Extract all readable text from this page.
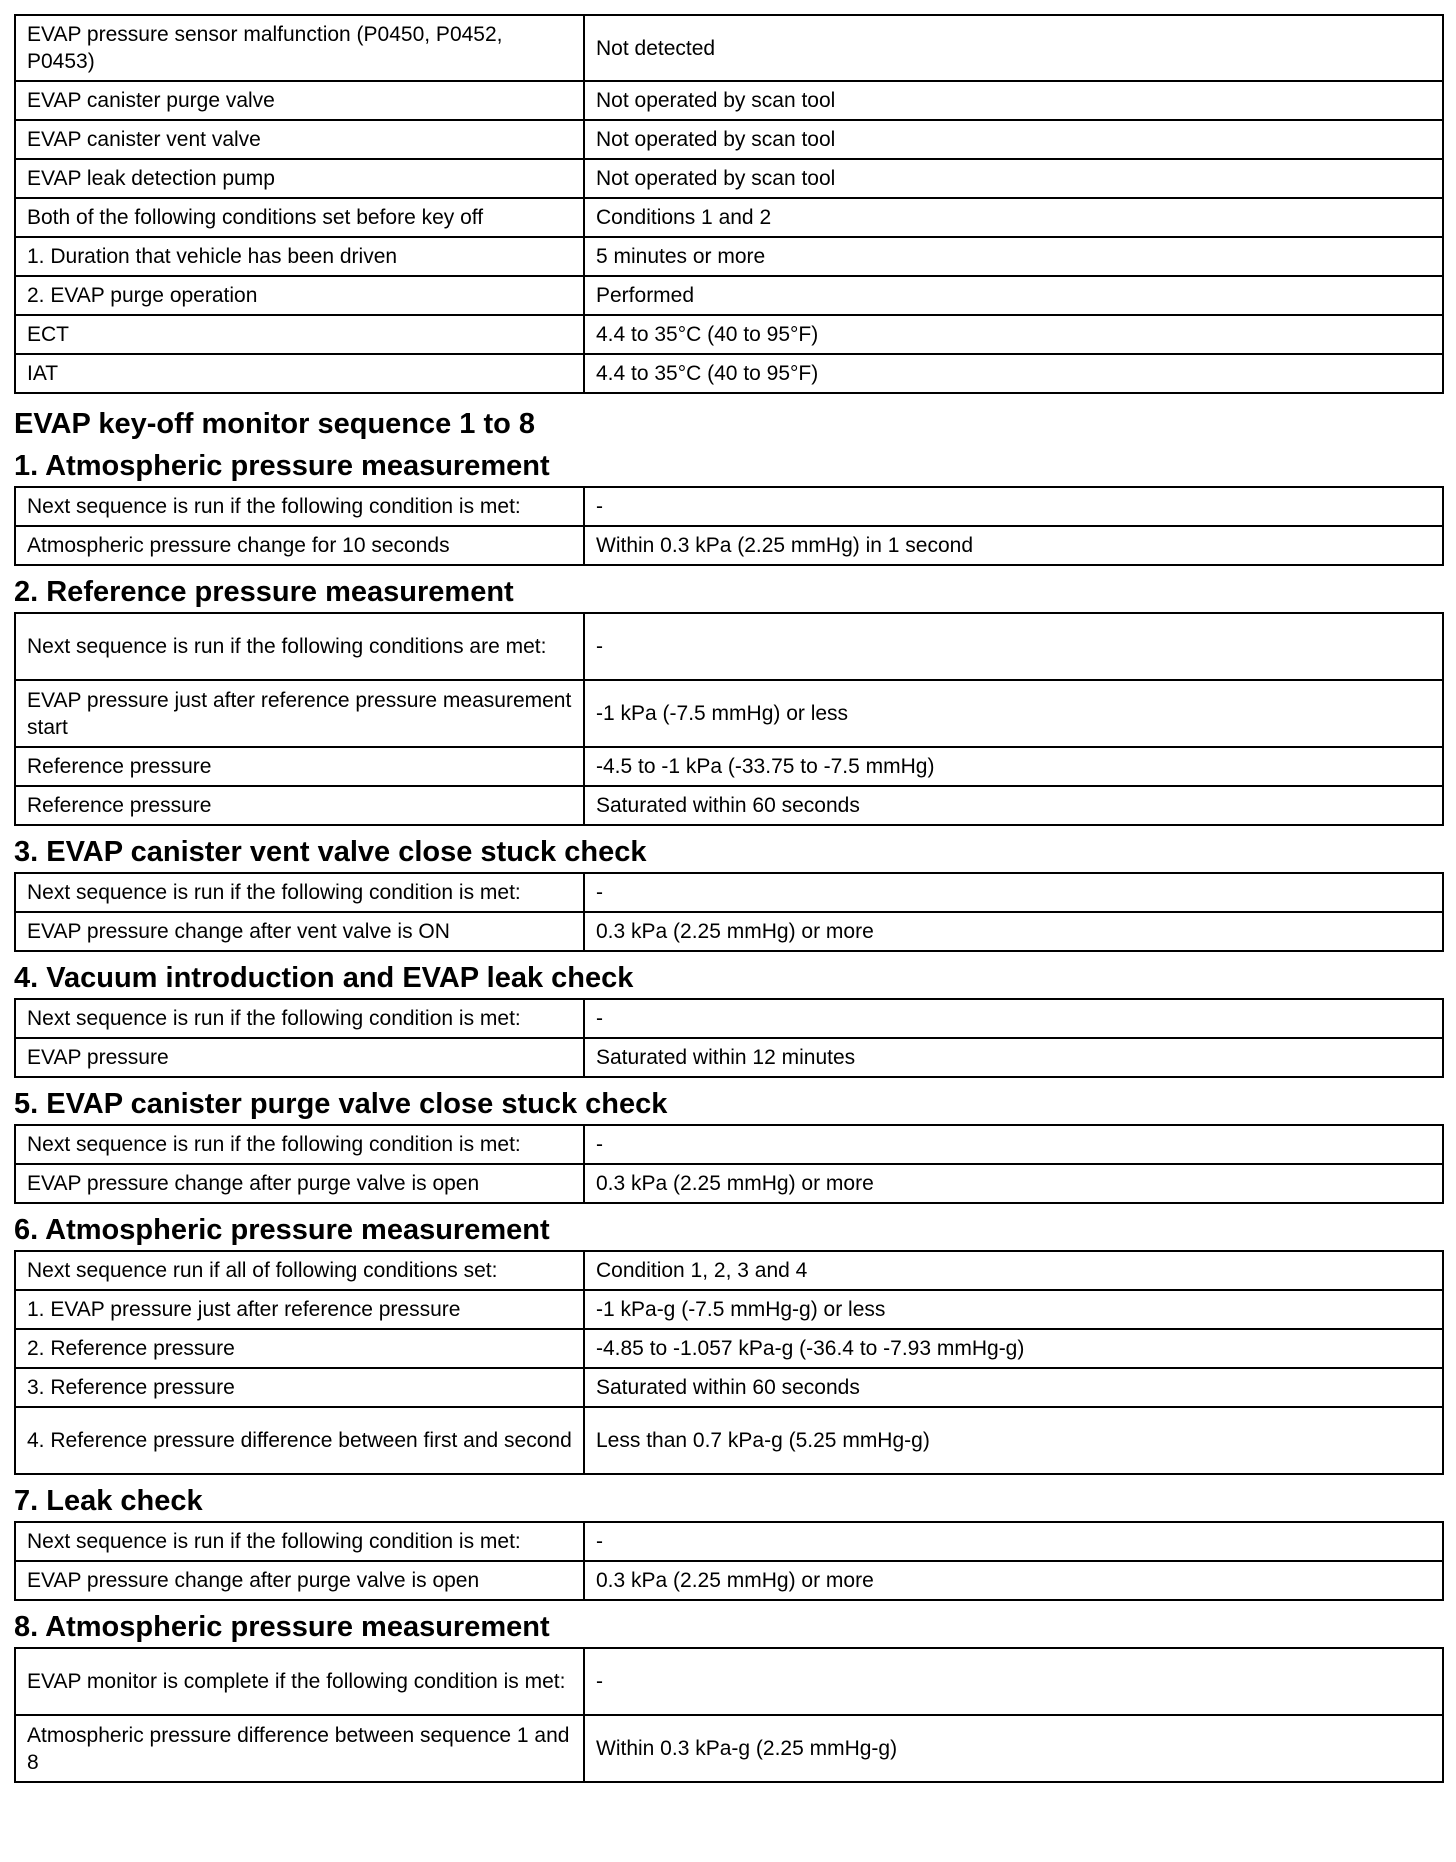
EVAP pressure sensor malfunction (P0450, P0452, P0453)	Not detected
EVAP canister purge valve	Not operated by scan tool
EVAP canister vent valve	Not operated by scan tool
EVAP leak detection pump	Not operated by scan tool
Both of the following conditions set before key off	Conditions 1 and 2
1. Duration that vehicle has been driven	5 minutes or more
2. EVAP purge operation	Performed
ECT	4.4 to 35°C (40 to 95°F)
IAT	4.4 to 35°C (40 to 95°F)
EVAP key-off monitor sequence 1 to 8
1. Atmospheric pressure measurement
Next sequence is run if the following condition is met:	-
Atmospheric pressure change for 10 seconds	Within 0.3 kPa (2.25 mmHg) in 1 second
2. Reference pressure measurement
Next sequence is run if the following conditions are met:	-
EVAP pressure just after reference pressure measurement start	-1 kPa (-7.5 mmHg) or less
Reference pressure	-4.5 to -1 kPa (-33.75 to -7.5 mmHg)
Reference pressure	Saturated within 60 seconds
3. EVAP canister vent valve close stuck check
Next sequence is run if the following condition is met:	-
EVAP pressure change after vent valve is ON	0.3 kPa (2.25 mmHg) or more
4. Vacuum introduction and EVAP leak check
Next sequence is run if the following condition is met:	-
EVAP pressure	Saturated within 12 minutes
5. EVAP canister purge valve close stuck check
Next sequence is run if the following condition is met:	-
EVAP pressure change after purge valve is open	0.3 kPa (2.25 mmHg) or more
6. Atmospheric pressure measurement
Next sequence run if all of following conditions set:	Condition 1, 2, 3 and 4
1. EVAP pressure just after reference pressure	-1 kPa-g (-7.5 mmHg-g) or less
2. Reference pressure	-4.85 to -1.057 kPa-g (-36.4 to -7.93 mmHg-g)
3. Reference pressure	Saturated within 60 seconds
4. Reference pressure difference between first and second	Less than 0.7 kPa-g (5.25 mmHg-g)
7. Leak check
Next sequence is run if the following condition is met:	-
EVAP pressure change after purge valve is open	0.3 kPa (2.25 mmHg) or more
8. Atmospheric pressure measurement
EVAP monitor is complete if the following condition is met:	-
Atmospheric pressure difference between sequence 1 and 8	Within 0.3 kPa-g (2.25 mmHg-g)
